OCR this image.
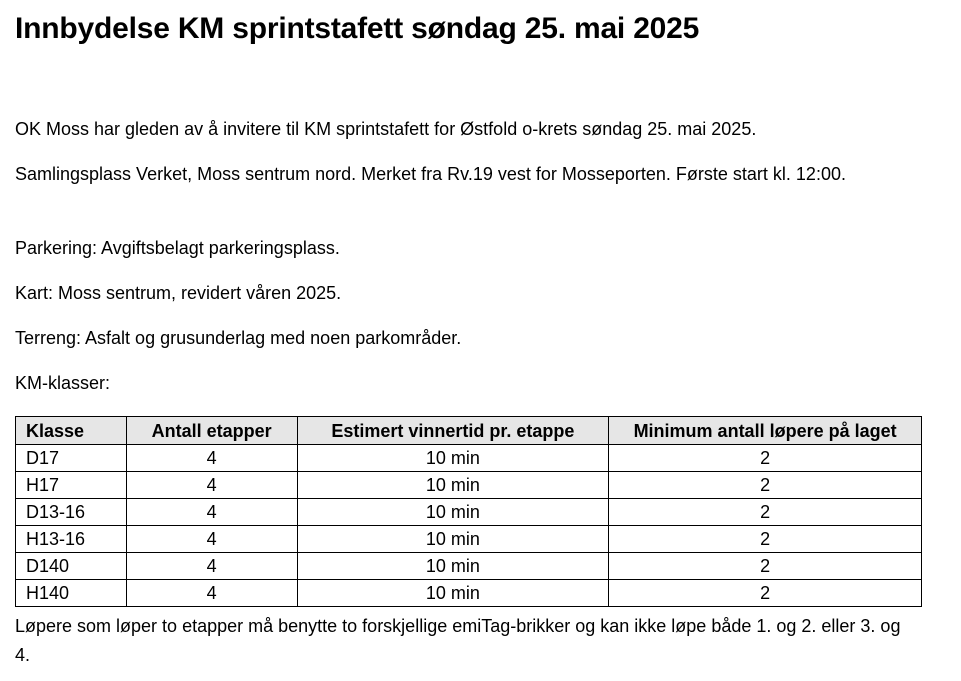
Innbydelse KM sprintstafett søndag 25. mai 2025

OK Moss har gleden av å invitere til KM sprintstafett for Østfold o-krets søndag 25. mai 2025.

Samlingsplass Verket, Moss sentrum nord. Merket fra Rv.19 vest for Mosseporten. Første start kl. 12:00.

Parkering: Avgiftsbelagt parkeringsplass.

Kart: Moss sentrum, revidert våren 2025.

Terreng: Asfalt og grusunderlag med noen parkområder.

KM-klasser:

Klasse	Antall etapper	Estimert vinnertid pr. etappe	Minimum antall løpere på laget
D17	4	10 min	2
H17	4	10 min	2
D13-16	4	10 min	2
H13-16	4	10 min	2
D140	4	10 min	2
H140	4	10 min	2

Løpere som løper to etapper må benytte to forskjellige emiTag-brikker og kan ikke løpe både 1. og 2. eller 3. og 4.
